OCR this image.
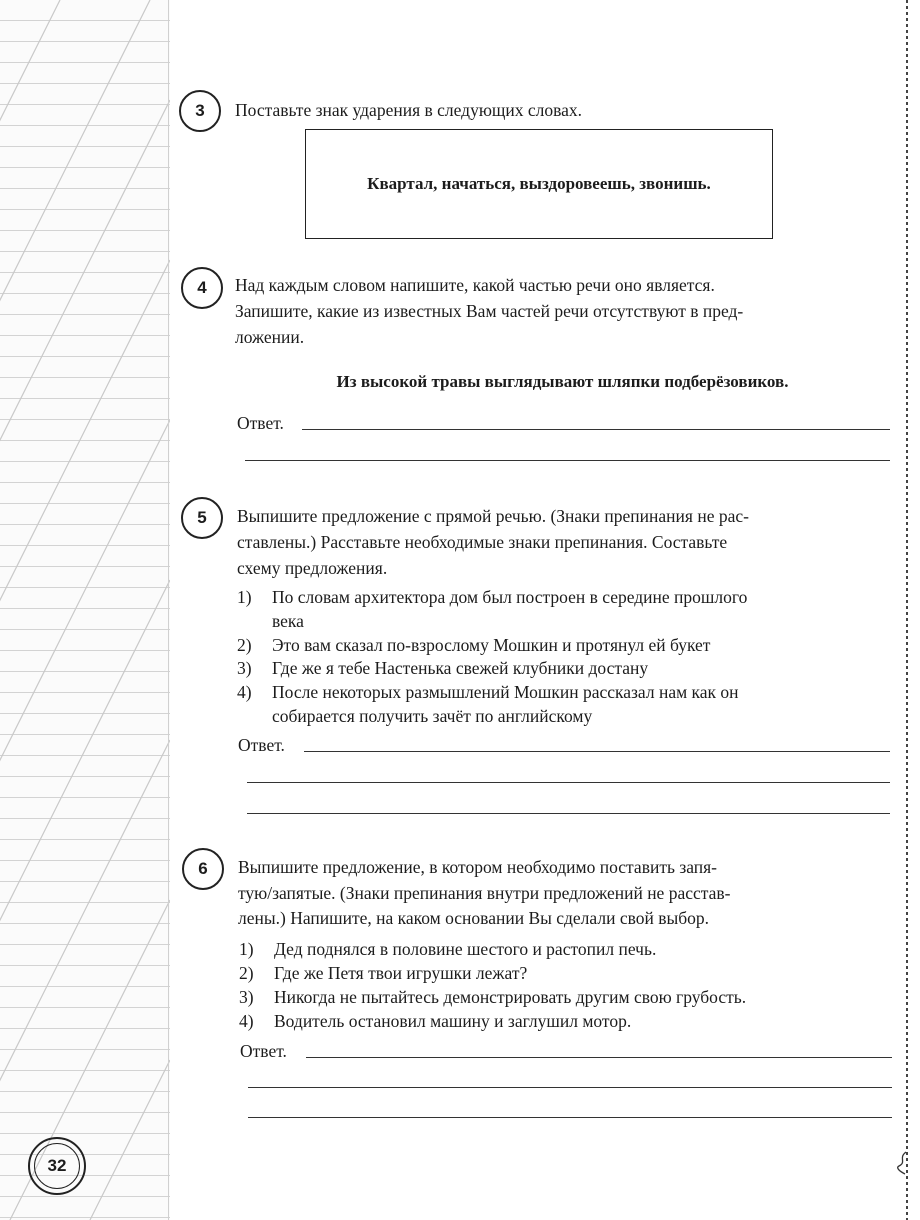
3	Поставьте знак ударения в следующих словах.
Квартал, начаться, выздоровеешь, звонишь.
4	Над каждым словом напишите, какой частью речи оно является.
Запишите, какие из известных Вам частей речи отсутствуют в пред-
ложении.
Из высокой травы выглядывают шляпки подберёзовиков.
Ответ.
5	Выпишите предложение с прямой речью. (Знаки препинания не рас-
ставлены.) Расставьте необходимые знаки препинания. Составьте
схему предложения.
1) По словам архитектора дом был построен в середине прошлого
века
2) Это вам сказал по-взрослому Мошкин и протянул ей букет
3) Где же я тебе Настенька свежей клубники достану
4) После некоторых размышлений Мошкин рассказал нам как он
собирается получить зачёт по английскому
Ответ.
6	Выпишите предложение, в котором необходимо поставить запя-
тую/запятые. (Знаки препинания внутри предложений не расстав-
лены.) Напишите, на каком основании Вы сделали свой выбор.
1) Дед поднялся в половине шестого и растопил печь.
2) Где же Петя твои игрушки лежат?
3) Никогда не пытайтесь демонстрировать другим свою грубость.
4) Водитель остановил машину и заглушил мотор.
Ответ.
32
